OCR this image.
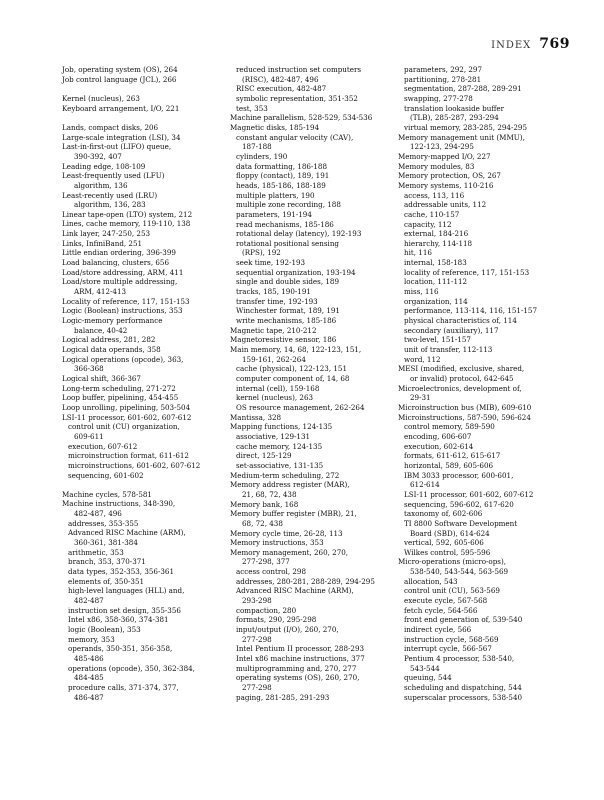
INDEX 769
Job, operating system (OS), 264
Job control language (JCL), 266
Kernel (nucleus), 263
Keyboard arrangement, I/O, 221
Lands, compact disks, 206
Large-scale integration (LSI), 34
Last-in-first-out (LIFO) queue,
390-392, 407
Leading edge, 108-109
Least-frequently used (LFU)
algorithm, 136
Least-recently used (LRU)
algorithm, 136, 283
Linear tape-open (LTO) system, 212
Lines, cache memory, 119-110, 138
Link layer, 247-250, 253
Links, InfiniBand, 251
Little endian ordering, 396-399
Load balancing, clusters, 656
Load/store addressing, ARM, 411
Load/store multiple addressing,
ARM, 412-413
Locality of reference, 117, 151-153
Logic (Boolean) instructions, 353
Logic-memory performance
balance, 40-42
Logical address, 281, 282
Logical data operands, 358
Logical operations (opcode), 363,
366-368
Logical shift, 366-367
Long-term scheduling, 271-272
Loop buffer, pipelining, 454-455
Loop unrolling, pipelining, 503-504
LSI-11 processor, 601-602, 607-612
control unit (CU) organization,
609-611
execution, 607-612
microinstruction format, 611-612
microinstructions, 601-602, 607-612
sequencing, 601-602
Machine cycles, 578-581
Machine instructions, 348-390,
482-487, 496
addresses, 353-355
Advanced RISC Machine (ARM),
360-361, 381-384
arithmetic, 353
branch, 353, 370-371
data types, 352-353, 356-361
elements of, 350-351
high-level languages (HLL) and,
482-487
instruction set design, 355-356
Intel x86, 358-360, 374-381
logic (Boolean), 353
memory, 353
operands, 350-351, 356-358,
485-486
operations (opcode), 350, 362-384,
484-485
procedure calls, 371-374, 377,
486-487
reduced instruction set computers
(RISC), 482-487, 496
RISC execution, 482-487
symbolic representation, 351-352
test, 353
Machine parallelism, 528-529, 534-536
Magnetic disks, 185-194
constant angular velocity (CAV),
187-188
cylinders, 190
data formatting, 186-188
floppy (contact), 189, 191
heads, 185-186, 188-189
multiple platters, 190
multiple zone recording, 188
parameters, 191-194
read mechanisms, 185-186
rotational delay (latency), 192-193
rotational positional sensing
(RPS), 192
seek time, 192-193
sequential organization, 193-194
single and double sides, 189
tracks, 185, 190-191
transfer time, 192-193
Winchester format, 189, 191
write mechanisms, 185-186
Magnetic tape, 210-212
Magnetoresistive sensor, 186
Main memory, 14, 68, 122-123, 151,
159-161, 262-264
cache (physical), 122-123, 151
computer component of, 14, 68
internal (cell), 159-168
kernel (nucleus), 263
OS resource management, 262-264
Mantissa, 328
Mapping functions, 124-135
associative, 129-131
cache memory, 124-135
direct, 125-129
set-associative, 131-135
Medium-term scheduling, 272
Memory address register (MAR),
21, 68, 72, 438
Memory bank, 168
Memory buffer register (MBR), 21,
68, 72, 438
Memory cycle time, 26-28, 113
Memory instructions, 353
Memory management, 260, 270,
277-298, 377
access control, 298
addresses, 280-281, 288-289, 294-295
Advanced RISC Machine (ARM),
293-298
compaction, 280
formats, 290, 295-298
input/output (I/O), 260, 270,
277-298
Intel Pentium II processor, 288-293
Intel x86 machine instructions, 377
multiprogramming and, 270, 277
operating systems (OS), 260, 270,
277-298
paging, 281-285, 291-293
parameters, 292, 297
partitioning, 278-281
segmentation, 287-288, 289-291
swapping, 277-278
translation lookaside buffer
(TLB), 285-287, 293-294
virtual memory, 283-285, 294-295
Memory management unit (MMU),
122-123, 294-295
Memory-mapped I/O, 227
Memory modules, 83
Memory protection, OS, 267
Memory systems, 110-216
access, 113, 116
addressable units, 112
cache, 110-157
capacity, 112
external, 184-216
hierarchy, 114-118
hit, 116
internal, 158-183
locality of reference, 117, 151-153
location, 111-112
miss, 116
organization, 114
performance, 113-114, 116, 151-157
physical characteristics of, 114
secondary (auxiliary), 117
two-level, 151-157
unit of transfer, 112-113
word, 112
MESI (modified, exclusive, shared,
or invalid) protocol, 642-645
Microelectronics, development of,
29-31
Microinstruction bus (MIB), 609-610
Microinstructions, 587-590, 596-624
control memory, 589-590
encoding, 606-607
execution, 602-614
formats, 611-612, 615-617
horizontal, 589, 605-606
IBM 3033 processor, 600-601,
612-614
LSI-11 processor, 601-602, 607-612
sequencing, 596-602, 617-620
taxonomy of, 602-606
TI 8800 Software Development
Board (SBD), 614-624
vertical, 592, 605-606
Wilkes control, 595-596
Micro-operations (micro-ops),
538-540, 543-544, 563-569
allocation, 543
control unit (CU), 563-569
execute cycle, 567-568
fetch cycle, 564-566
front end generation of, 539-540
indirect cycle, 566
instruction cycle, 568-569
interrupt cycle, 566-567
Pentium 4 processor, 538-540,
543-544
queuing, 544
scheduling and dispatching, 544
superscalar processors, 538-540
